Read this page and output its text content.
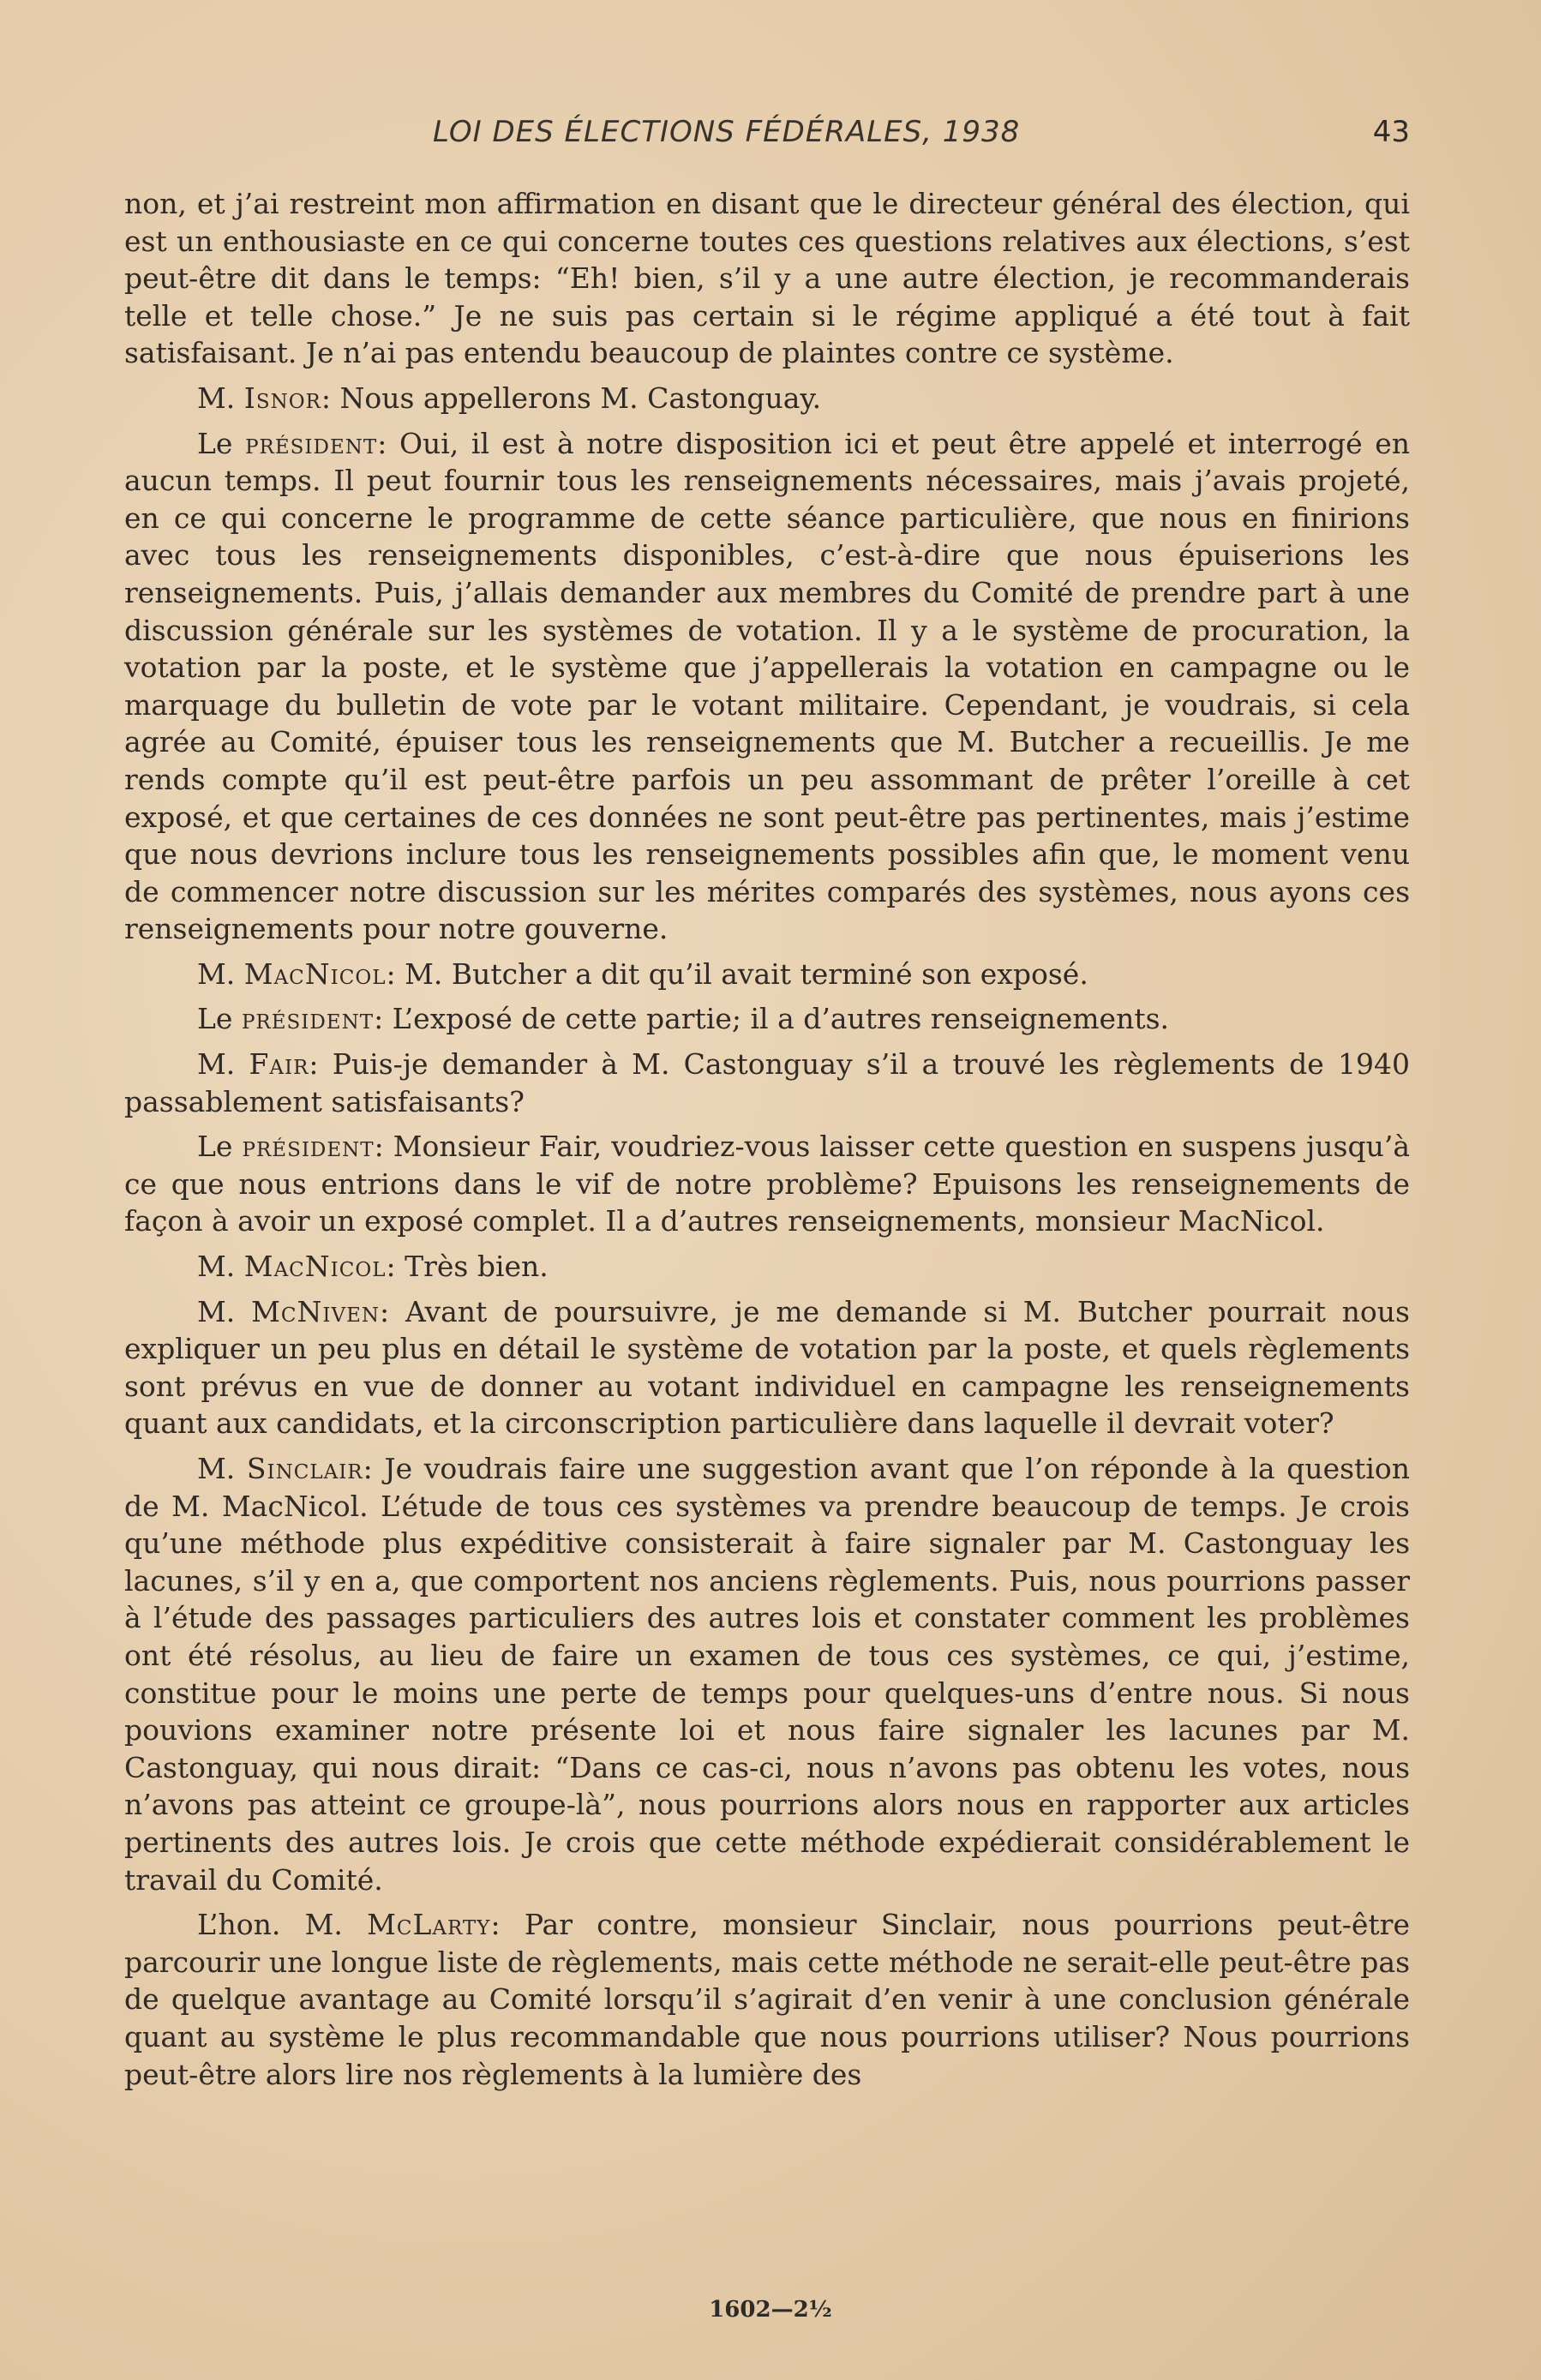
LOI DES ÉLECTIONS FÉDÉRALES, 1938	43

non, et j’ai restreint mon affirmation en disant que le directeur général des élection, qui est un enthousiaste en ce qui concerne toutes ces questions relatives aux élections, s’est peut-être dit dans le temps: “Eh! bien, s’il y a une autre élection, je recommanderais telle et telle chose.” Je ne suis pas certain si le régime appliqué a été tout à fait satisfaisant. Je n’ai pas entendu beaucoup de plaintes contre ce système.

M. Isnor: Nous appellerons M. Castonguay.

Le président: Oui, il est à notre disposition ici et peut être appelé et interrogé en aucun temps. Il peut fournir tous les renseignements nécessaires, mais j’avais projeté, en ce qui concerne le programme de cette séance particulière, que nous en finirions avec tous les renseignements disponibles, c’est-à-dire que nous épuiserions les renseignements. Puis, j’allais demander aux membres du Comité de prendre part à une discussion générale sur les systèmes de votation. Il y a le système de procuration, la votation par la poste, et le système que j’appellerais la votation en campagne ou le marquage du bulletin de vote par le votant militaire. Cependant, je voudrais, si cela agrée au Comité, épuiser tous les renseignements que M. Butcher a recueillis. Je me rends compte qu’il est peut-être parfois un peu assommant de prêter l’oreille à cet exposé, et que certaines de ces données ne sont peut-être pas pertinentes, mais j’estime que nous devrions inclure tous les renseignements possibles afin que, le moment venu de commencer notre discussion sur les mérites comparés des systèmes, nous ayons ces renseignements pour notre gouverne.

M. MacNicol: M. Butcher a dit qu’il avait terminé son exposé.

Le président: L’exposé de cette partie; il a d’autres renseignements.

M. Fair: Puis-je demander à M. Castonguay s’il a trouvé les règlements de 1940 passablement satisfaisants?

Le président: Monsieur Fair, voudriez-vous laisser cette question en suspens jusqu’à ce que nous entrions dans le vif de notre problème? Epuisons les renseignements de façon à avoir un exposé complet. Il a d’autres renseignements, monsieur MacNicol.

M. MacNicol: Très bien.

M. McNiven: Avant de poursuivre, je me demande si M. Butcher pourrait nous expliquer un peu plus en détail le système de votation par la poste, et quels règlements sont prévus en vue de donner au votant individuel en campagne les renseignements quant aux candidats, et la circonscription particulière dans laquelle il devrait voter?

M. Sinclair: Je voudrais faire une suggestion avant que l’on réponde à la question de M. MacNicol. L’étude de tous ces systèmes va prendre beaucoup de temps. Je crois qu’une méthode plus expéditive consisterait à faire signaler par M. Castonguay les lacunes, s’il y en a, que comportent nos anciens règlements. Puis, nous pourrions passer à l’étude des passages particuliers des autres lois et constater comment les problèmes ont été résolus, au lieu de faire un examen de tous ces systèmes, ce qui, j’estime, constitue pour le moins une perte de temps pour quelques-uns d’entre nous. Si nous pouvions examiner notre présente loi et nous faire signaler les lacunes par M. Castonguay, qui nous dirait: “Dans ce cas-ci, nous n’avons pas obtenu les votes, nous n’avons pas atteint ce groupe-là”, nous pourrions alors nous en rapporter aux articles pertinents des autres lois. Je crois que cette méthode expédierait considérablement le travail du Comité.

L’hon. M. McLarty: Par contre, monsieur Sinclair, nous pourrions peut-être parcourir une longue liste de règlements, mais cette méthode ne serait-elle peut-être pas de quelque avantage au Comité lorsqu’il s’agirait d’en venir à une conclusion générale quant au système le plus recommandable que nous pourrions utiliser? Nous pourrions peut-être alors lire nos règlements à la lumière des

1602—2½
